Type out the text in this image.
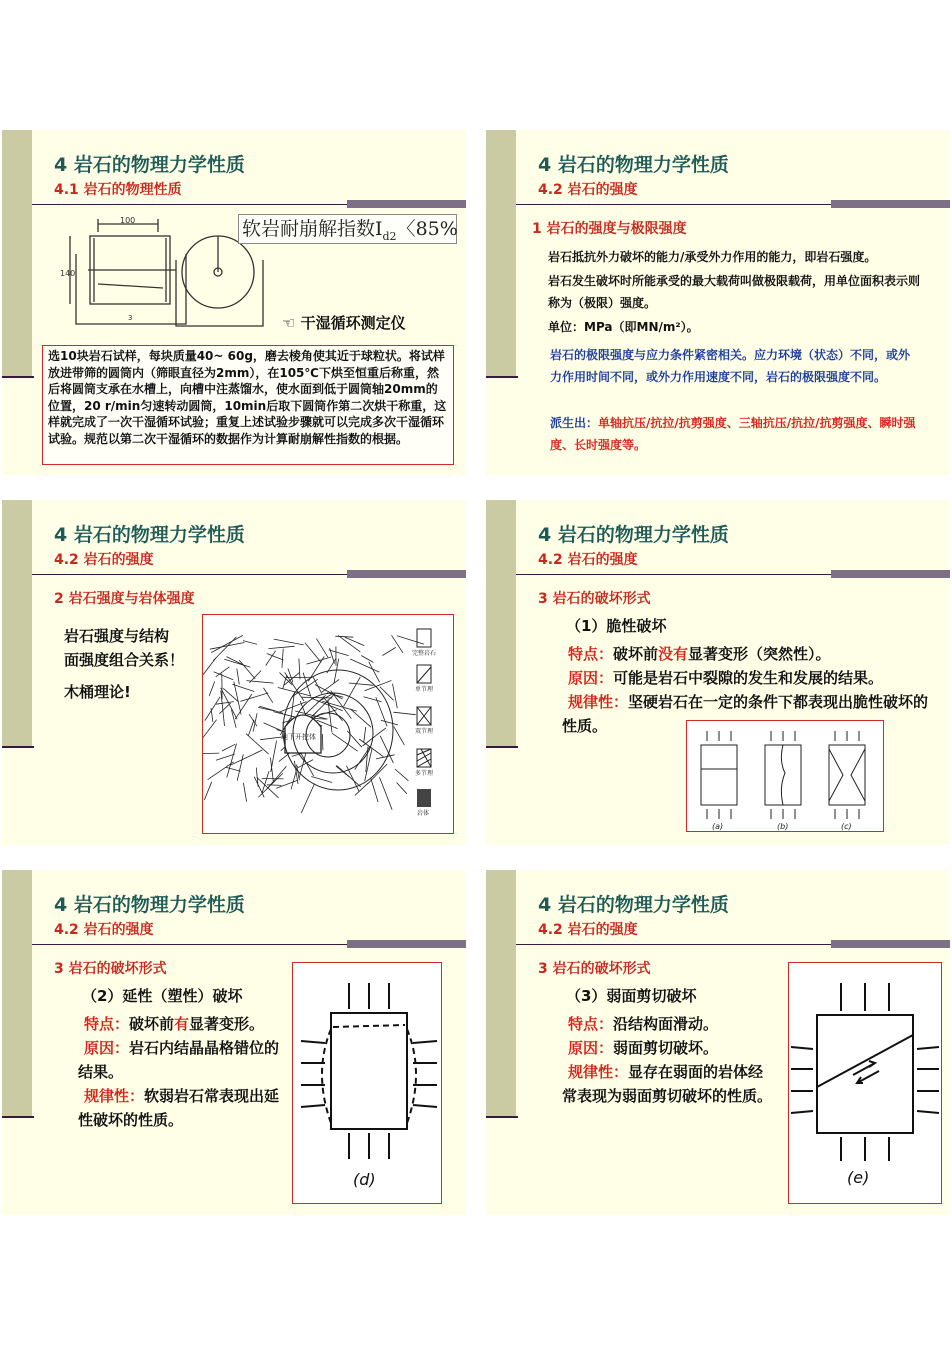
4 岩石的物理力学性质
4.1 岩石的物理性质
100
140
3
软岩耐崩解指数$I_{d2}$〈85%
☜ 干湿循环测定仪
选10块岩石试样，每块质量40~ 60g，磨去棱角使其近于球粒状。将试样放进带筛的圆筒内（筛眼直径为2mm），在105℃下烘至恒重后称重，然后将圆筒支承在水槽上，向槽中注蒸馏水，使水面到低于圆筒轴20mm的位置，20 r/min匀速转动圆筒，10min后取下圆筒作第二次烘干称重，这样就完成了一次干湿循环试验；重复上述试验步骤就可以完成多次干湿循环试验。规范以第二次干湿循环的数据作为计算耐崩解性指数的根据。
4 岩石的物理力学性质
4.2 岩石的强度
1 岩石的强度与极限强度
岩石抵抗外力破坏的能力/承受外力作用的能力，即岩石强度。
岩石发生破坏时所能承受的最大载荷叫做极限载荷，用单位面积表示则称为（极限）强度。
单位：MPa（即MN/m²）。
岩石的极限强度与应力条件紧密相关。应力环境（状态）不同，或外力作用时间不同，或外力作用速度不同，岩石的极限强度不同。
派生出：单轴抗压/抗拉/抗剪强度、三轴抗压/抗拉/抗剪强度、瞬时强度、长时强度等。
4 岩石的物理力学性质
4.2 岩石的强度
2 岩石强度与岩体强度
岩石强度与结构
面强度组合关系！
木桶理论!
地下开挖体
完整岩石
单节理
双节理
多节理
岩体
4 岩石的物理力学性质
4.2 岩石的强度
3 岩石的破坏形式
（1）脆性破坏
特点：破坏前没有显著变形（突然性）。
原因：可能是岩石中裂隙的发生和发展的结果。
规律性：坚硬岩石在一定的条件下都表现出脆性破坏的性质。
(a)	(b)	(c)
4 岩石的物理力学性质
4.2 岩石的强度
3 岩石的破坏形式
（2）延性（塑性）破坏
特点：破坏前有显著变形。
原因：岩石内结晶晶格错位的结果。
规律性：软弱岩石常表现出延性破坏的性质。
(d)
4 岩石的物理力学性质
4.2 岩石的强度
3 岩石的破坏形式
（3）弱面剪切破坏
特点：沿结构面滑动。
原因：弱面剪切破坏。
规律性：显存在弱面的岩体经常表现为弱面剪切破坏的性质。
(e)
